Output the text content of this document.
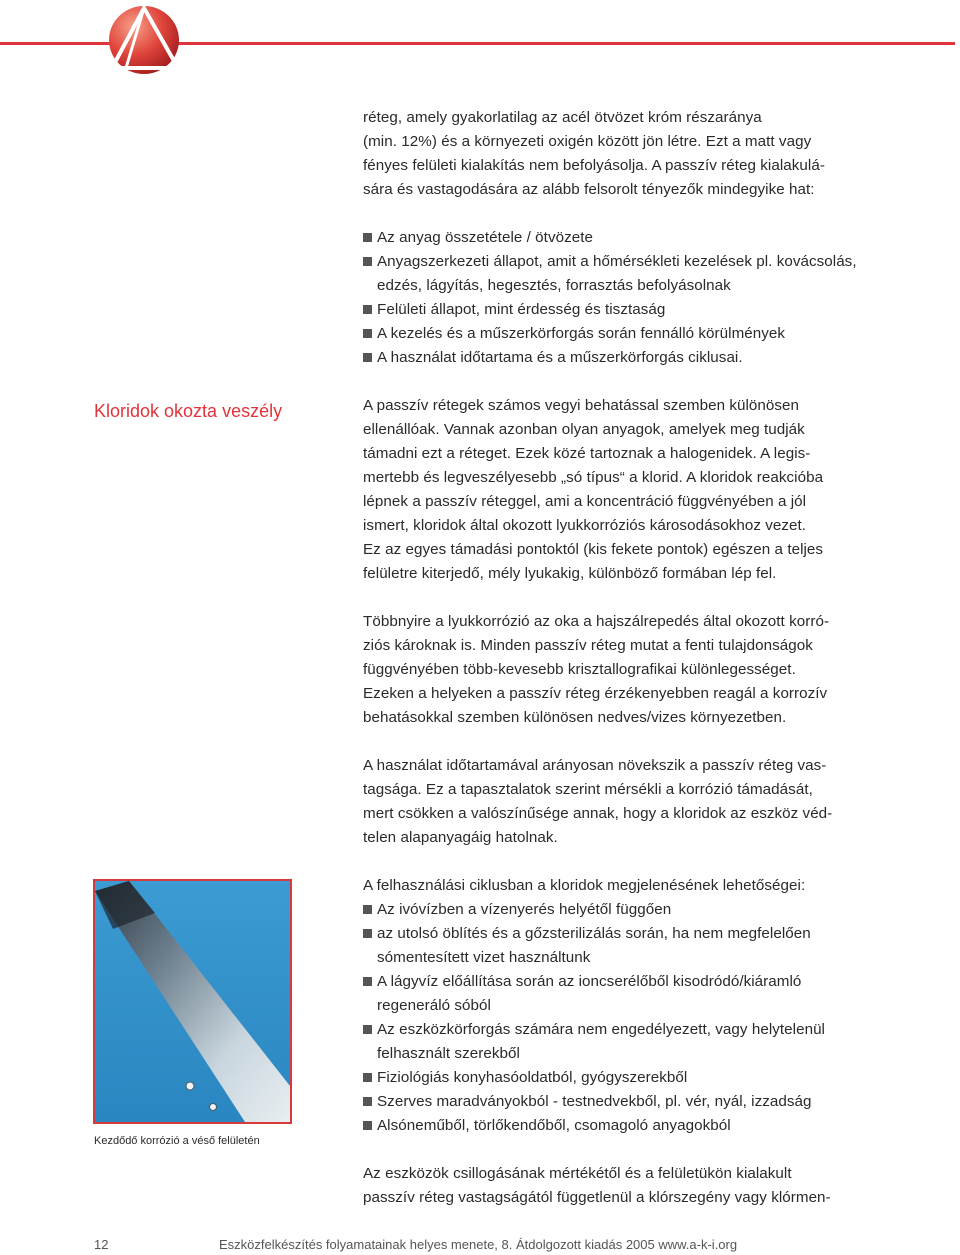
Kloridok okozta veszély

réteg, amely gyakorlatilag az acél ötvözet króm részaránya
(min. 12%) és a környezeti oxigén között jön létre. Ezt a matt vagy
fényes felületi kialakítás nem befolyásolja. A passzív réteg kialakulá-
sára és vastagodására az alább felsorolt tényezők mindegyike hat:

Az anyag összetétele / ötvözete
Anyagszerkezeti állapot, amit a hőmérsékleti kezelések pl. kovácsolás, edzés, lágyítás, hegesztés, forrasztás befolyásolnak
Felületi állapot, mint érdesség és tisztaság
A kezelés és a műszerkörforgás során fennálló körülmények
A használat időtartama és a műszerkörforgás ciklusai.

A passzív rétegek számos vegyi behatással szemben különösen
ellenállóak. Vannak azonban olyan anyagok, amelyek meg tudják
támadni ezt a réteget. Ezek közé tartoznak a halogenidek. A legis-
mertebb és legveszélyesebb „só típus“ a klorid. A kloridok reakcióba
lépnek a passzív réteggel, ami a koncentráció függvényében a jól
ismert, kloridok által okozott lyukkorróziós károsodásokhoz vezet.
Ez az egyes támadási pontoktól (kis fekete pontok) egészen a teljes
felületre kiterjedő, mély lyukakig, különböző formában lép fel.

Többnyire a lyukkorrózió az oka a hajszálrepedés által okozott korró-
ziós károknak is. Minden passzív réteg mutat a fenti tulajdonságok
függvényében több-kevesebb krisztallografikai különlegességet.
Ezeken a helyeken a passzív réteg érzékenyebben reagál a korrozív
behatásokkal szemben különösen nedves/vizes környezetben.

A használat időtartamával arányosan növekszik a passzív réteg vas-
tagsága. Ez a tapasztalatok szerint mérsékli a korrózió támadását,
mert csökken a valószínűsége annak, hogy a kloridok az eszköz véd-
telen alapanyagáig hatolnak.

A felhasználási ciklusban a kloridok megjelenésének lehetőségei:

Az ivóvízben a vízenyerés helyétől függően
az utolsó öblítés és a gőzsterilizálás során, ha nem megfelelően sómentesített vizet használtunk
A lágyvíz előállítása során az ioncserélőből kisodródó/kiáramló regeneráló sóból
Az eszközkörforgás számára nem engedélyezett, vagy helytelenül felhasznált szerekből
Fiziológiás konyhasóoldatból, gyógyszerekből
Szerves maradványokból - testnedvekből, pl. vér, nyál, izzadság
Alsóneműből, törlőkendőből, csomagoló anyagokból

Az eszközök csillogásának mértékétől és a felületükön kialakult
passzív réteg vastagságától függetlenül a klórszegény vagy klórmen-

Kezdődő korrózió a véső felületén
12	Eszközfelkészítés folyamatainak helyes menete, 8. Átdolgozott kiadás 2005 www.a-k-i.org
